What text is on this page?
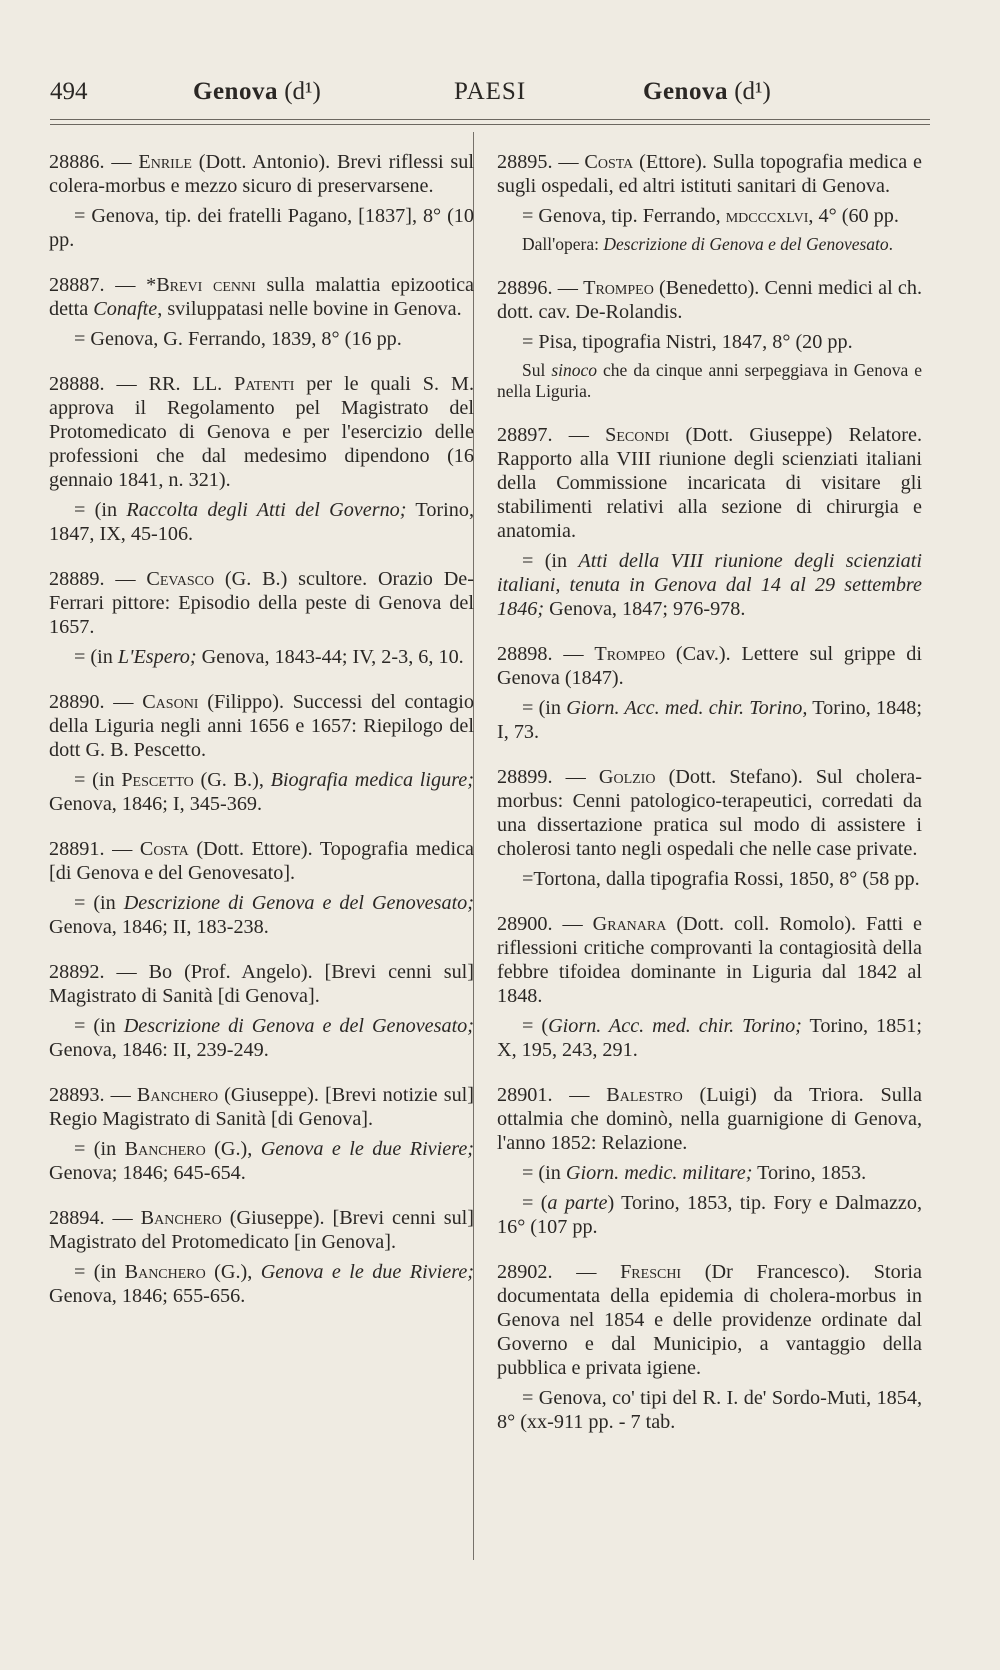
494	Genova (d¹)	PAESI	Genova (d¹)

28886. — Enrile (Dott. Antonio). Brevi riflessi sul colera-morbus e mezzo sicuro di preservarsene.

= Genova, tip. dei fratelli Pagano, [1837], 8° (10 pp.

28887. — *Brevi cenni sulla malattia epizootica detta Conafte, sviluppatasi nelle bovine in Genova.

= Genova, G. Ferrando, 1839, 8° (16 pp.

28888. — RR. LL. Patenti per le quali S. M. approva il Regolamento pel Magistrato del Protomedicato di Genova e per l'esercizio delle professioni che dal medesimo dipendono (16 gennaio 1841, n. 321).

= (in Raccolta degli Atti del Governo; Torino, 1847, IX, 45-106.

28889. — Cevasco (G. B.) scultore. Orazio De-Ferrari pittore: Episodio della peste di Genova del 1657.

= (in L'Espero; Genova, 1843-44; IV, 2-3, 6, 10.

28890. — Casoni (Filippo). Successi del contagio della Liguria negli anni 1656 e 1657: Riepilogo del dott G. B. Pescetto.

= (in Pescetto (G. B.), Biografia medica ligure; Genova, 1846; I, 345-369.

28891. — Costa (Dott. Ettore). Topografia medica [di Genova e del Genovesato].

= (in Descrizione di Genova e del Genovesato; Genova, 1846; II, 183-238.

28892. — Bo (Prof. Angelo). [Brevi cenni sul] Magistrato di Sanità [di Genova].

= (in Descrizione di Genova e del Genovesato; Genova, 1846: II, 239-249.

28893. — Banchero (Giuseppe). [Brevi notizie sul] Regio Magistrato di Sanità [di Genova].

= (in Banchero (G.), Genova e le due Riviere; Genova; 1846; 645-654.

28894. — Banchero (Giuseppe). [Brevi cenni sul] Magistrato del Protomedicato [in Genova].

= (in Banchero (G.), Genova e le due Riviere; Genova, 1846; 655-656.

28895. — Costa (Ettore). Sulla topografia medica e sugli ospedali, ed altri istituti sanitari di Genova.

= Genova, tip. Ferrando, mdcccxlvi, 4° (60 pp.

Dall'opera: Descrizione di Genova e del Genovesato.

28896. — Trompeo (Benedetto). Cenni medici al ch. dott. cav. De-Rolandis.

= Pisa, tipografia Nistri, 1847, 8° (20 pp.

Sul sinoco che da cinque anni serpeggiava in Genova e nella Liguria.

28897. — Secondi (Dott. Giuseppe) Relatore. Rapporto alla VIII riunione degli scienziati italiani della Commissione incaricata di visitare gli stabilimenti relativi alla sezione di chirurgia e anatomia.

= (in Atti della VIII riunione degli scienziati italiani, tenuta in Genova dal 14 al 29 settembre 1846; Genova, 1847; 976-978.

28898. — Trompeo (Cav.). Lettere sul grippe di Genova (1847).

= (in Giorn. Acc. med. chir. Torino, Torino, 1848; I, 73.

28899. — Golzio (Dott. Stefano). Sul cholera-morbus: Cenni patologico-terapeutici, corredati da una dissertazione pratica sul modo di assistere i cholerosi tanto negli ospedali che nelle case private.

=Tortona, dalla tipografia Rossi, 1850, 8° (58 pp.

28900. — Granara (Dott. coll. Romolo). Fatti e riflessioni critiche comprovanti la contagiosità della febbre tifoidea dominante in Liguria dal 1842 al 1848.

= (Giorn. Acc. med. chir. Torino; Torino, 1851; X, 195, 243, 291.

28901. — Balestro (Luigi) da Triora. Sulla ottalmia che dominò, nella guarnigione di Genova, l'anno 1852: Relazione.

= (in Giorn. medic. militare; Torino, 1853.

= (a parte) Torino, 1853, tip. Fory e Dalmazzo, 16° (107 pp.

28902. — Freschi (Dr Francesco). Storia documentata della epidemia di cholera-morbus in Genova nel 1854 e delle providenze ordinate dal Governo e dal Municipio, a vantaggio della pubblica e privata igiene.

= Genova, co' tipi del R. I. de' Sordo-Muti, 1854, 8° (xx-911 pp. - 7 tab.
